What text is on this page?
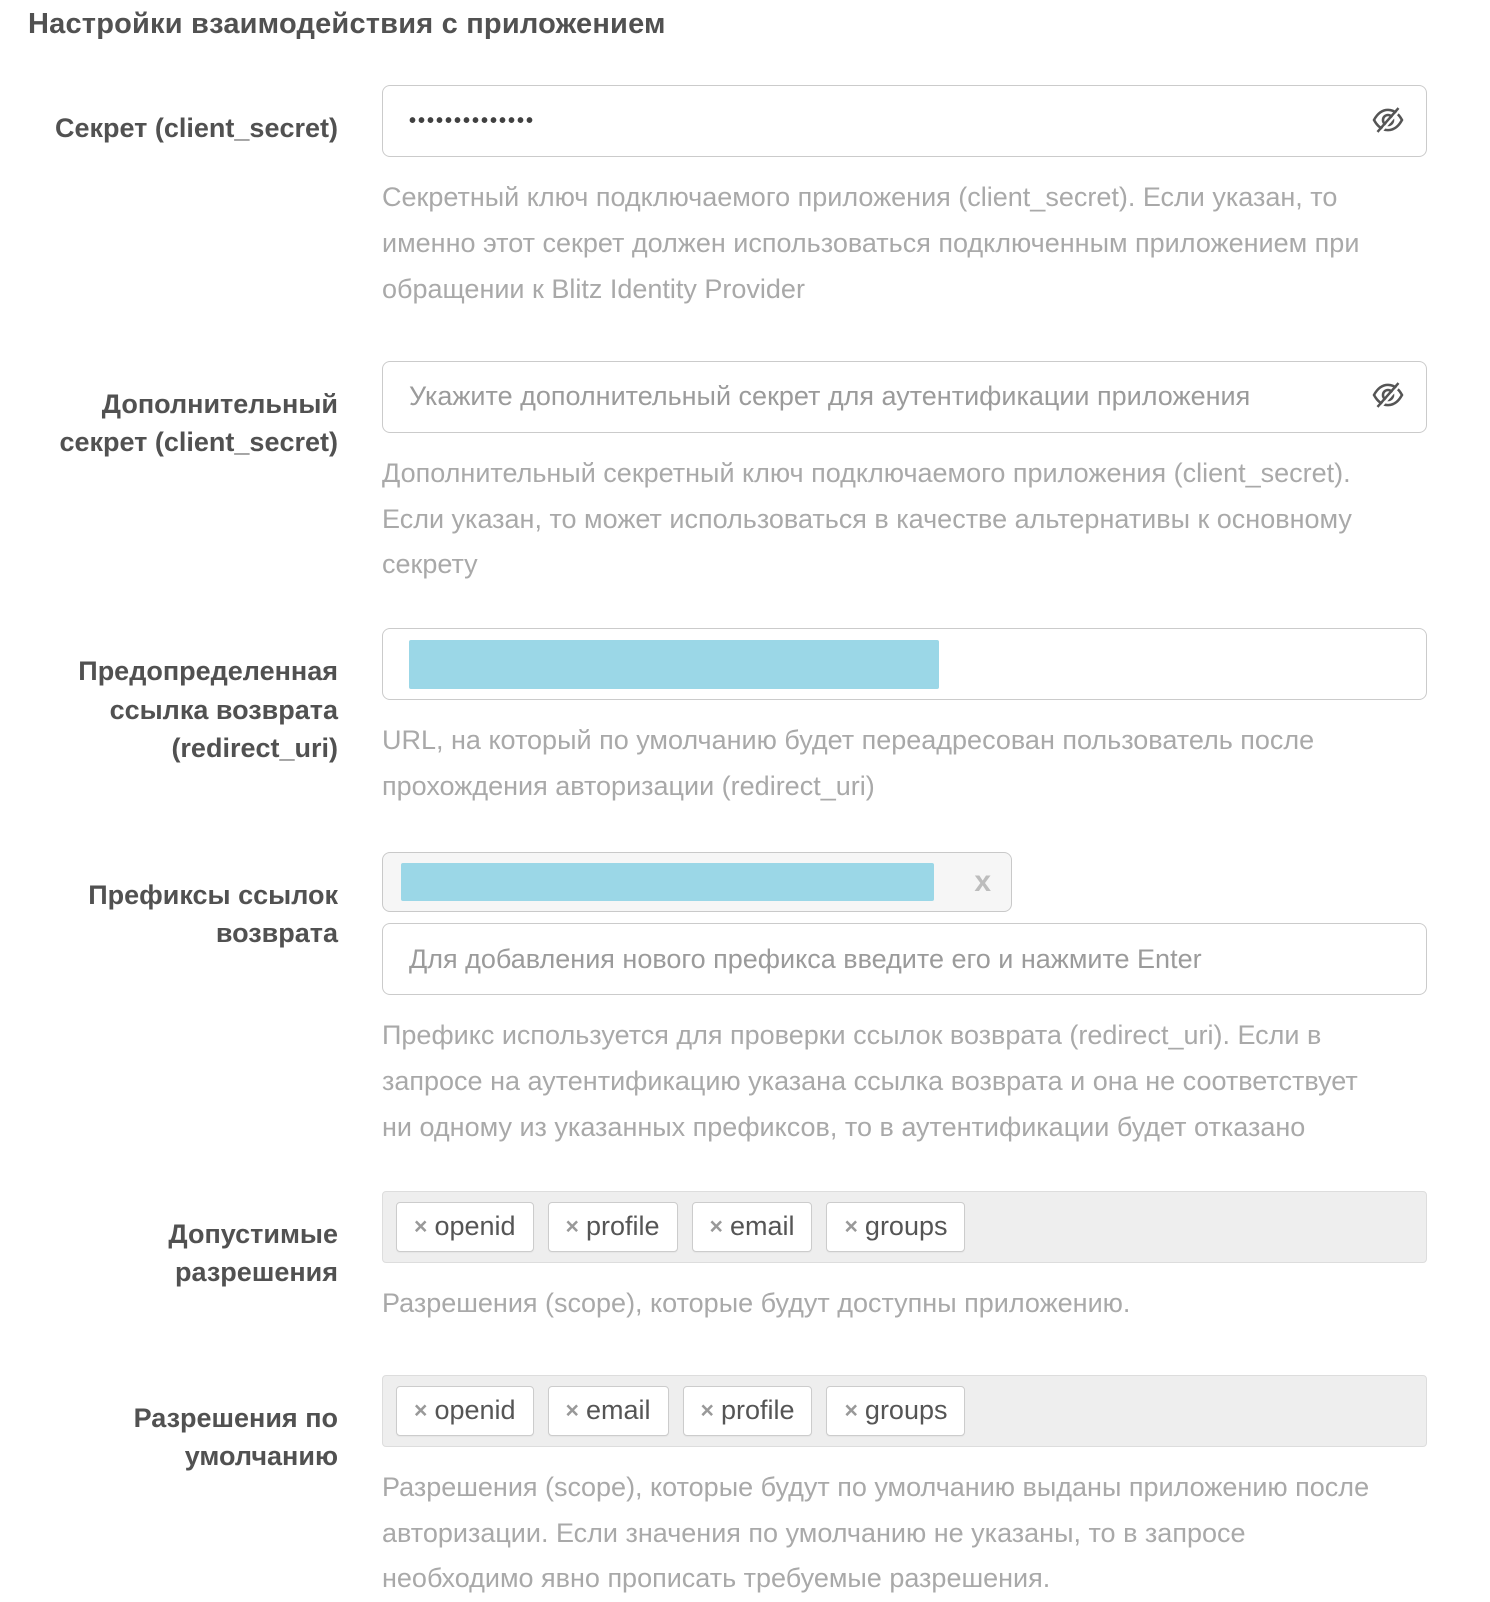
Настройки взаимодействия с приложением
Секрет (client_secret)
••••••••••••••
Секретный ключ подключаемого приложения (client_secret). Если указан, то именно этот секрет должен использоваться подключенным приложением при обращении к Blitz Identity Provider
Дополнительный секрет (client_secret)
Укажите дополнительный секрет для аутентификации приложения
Дополнительный секретный ключ подключаемого приложения (client_secret). Если указан, то может использоваться в качестве альтернативы к основному секрету
Предопределенная ссылка возврата (redirect_uri) URL, на который по умолчанию будет переадресован пользователь после прохождения авторизации (redirect_uri)
Префиксы ссылок возврата
x
Для добавления нового префикса введите его и нажмите Enter
Префикс используется для проверки ссылок возврата (redirect_uri). Если в запросе на аутентификацию указана ссылка возврата и она не соответствует ни одному из указанных префиксов, то в аутентификации будет отказано
Допустимые разрешения
× openid × profile × email × groups
Разрешения (scope), которые будут доступны приложению.
Разрешения по умолчанию
× openid × email × profile × groups
Разрешения (scope), которые будут по умолчанию выданы приложению после авторизации. Если значения по умолчанию не указаны, то в запросе необходимо явно прописать требуемые разрешения.
